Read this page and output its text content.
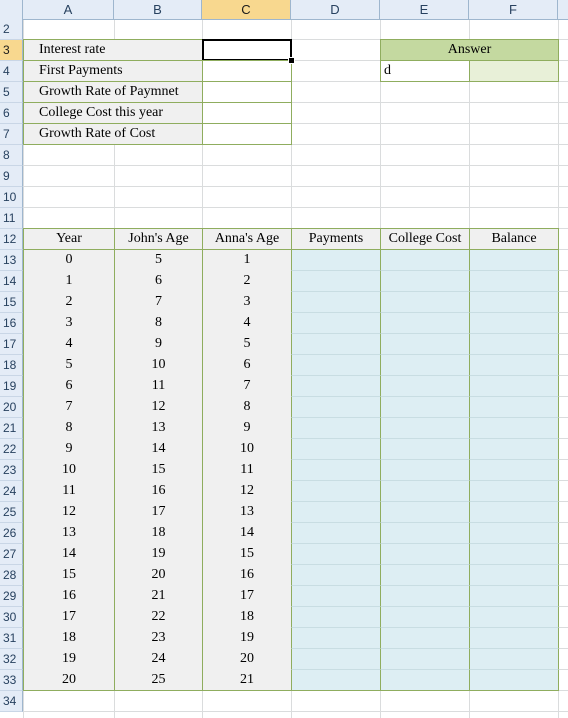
A	B	C	D	E	F
2
3
4
5
6
7
8
9
10
11
12
13
14
15
16
17
18
19
20
21
22
23
24
25
26
27
28
29
30
31
32
33
34
Interest rate
First Payments
Growth Rate of Paymnet
College Cost this year
Growth Rate of Cost
Answer
d
Year	John's Age	Anna's Age	Payments	College Cost	Balance
0	5	1
1	6	2
2	7	3
3	8	4
4	9	5
5	10	6
6	11	7
7	12	8
8	13	9
9	14	10
10	15	11
11	16	12
12	17	13
13	18	14
14	19	15
15	20	16
16	21	17
17	22	18
18	23	19
19	24	20
20	25	21
